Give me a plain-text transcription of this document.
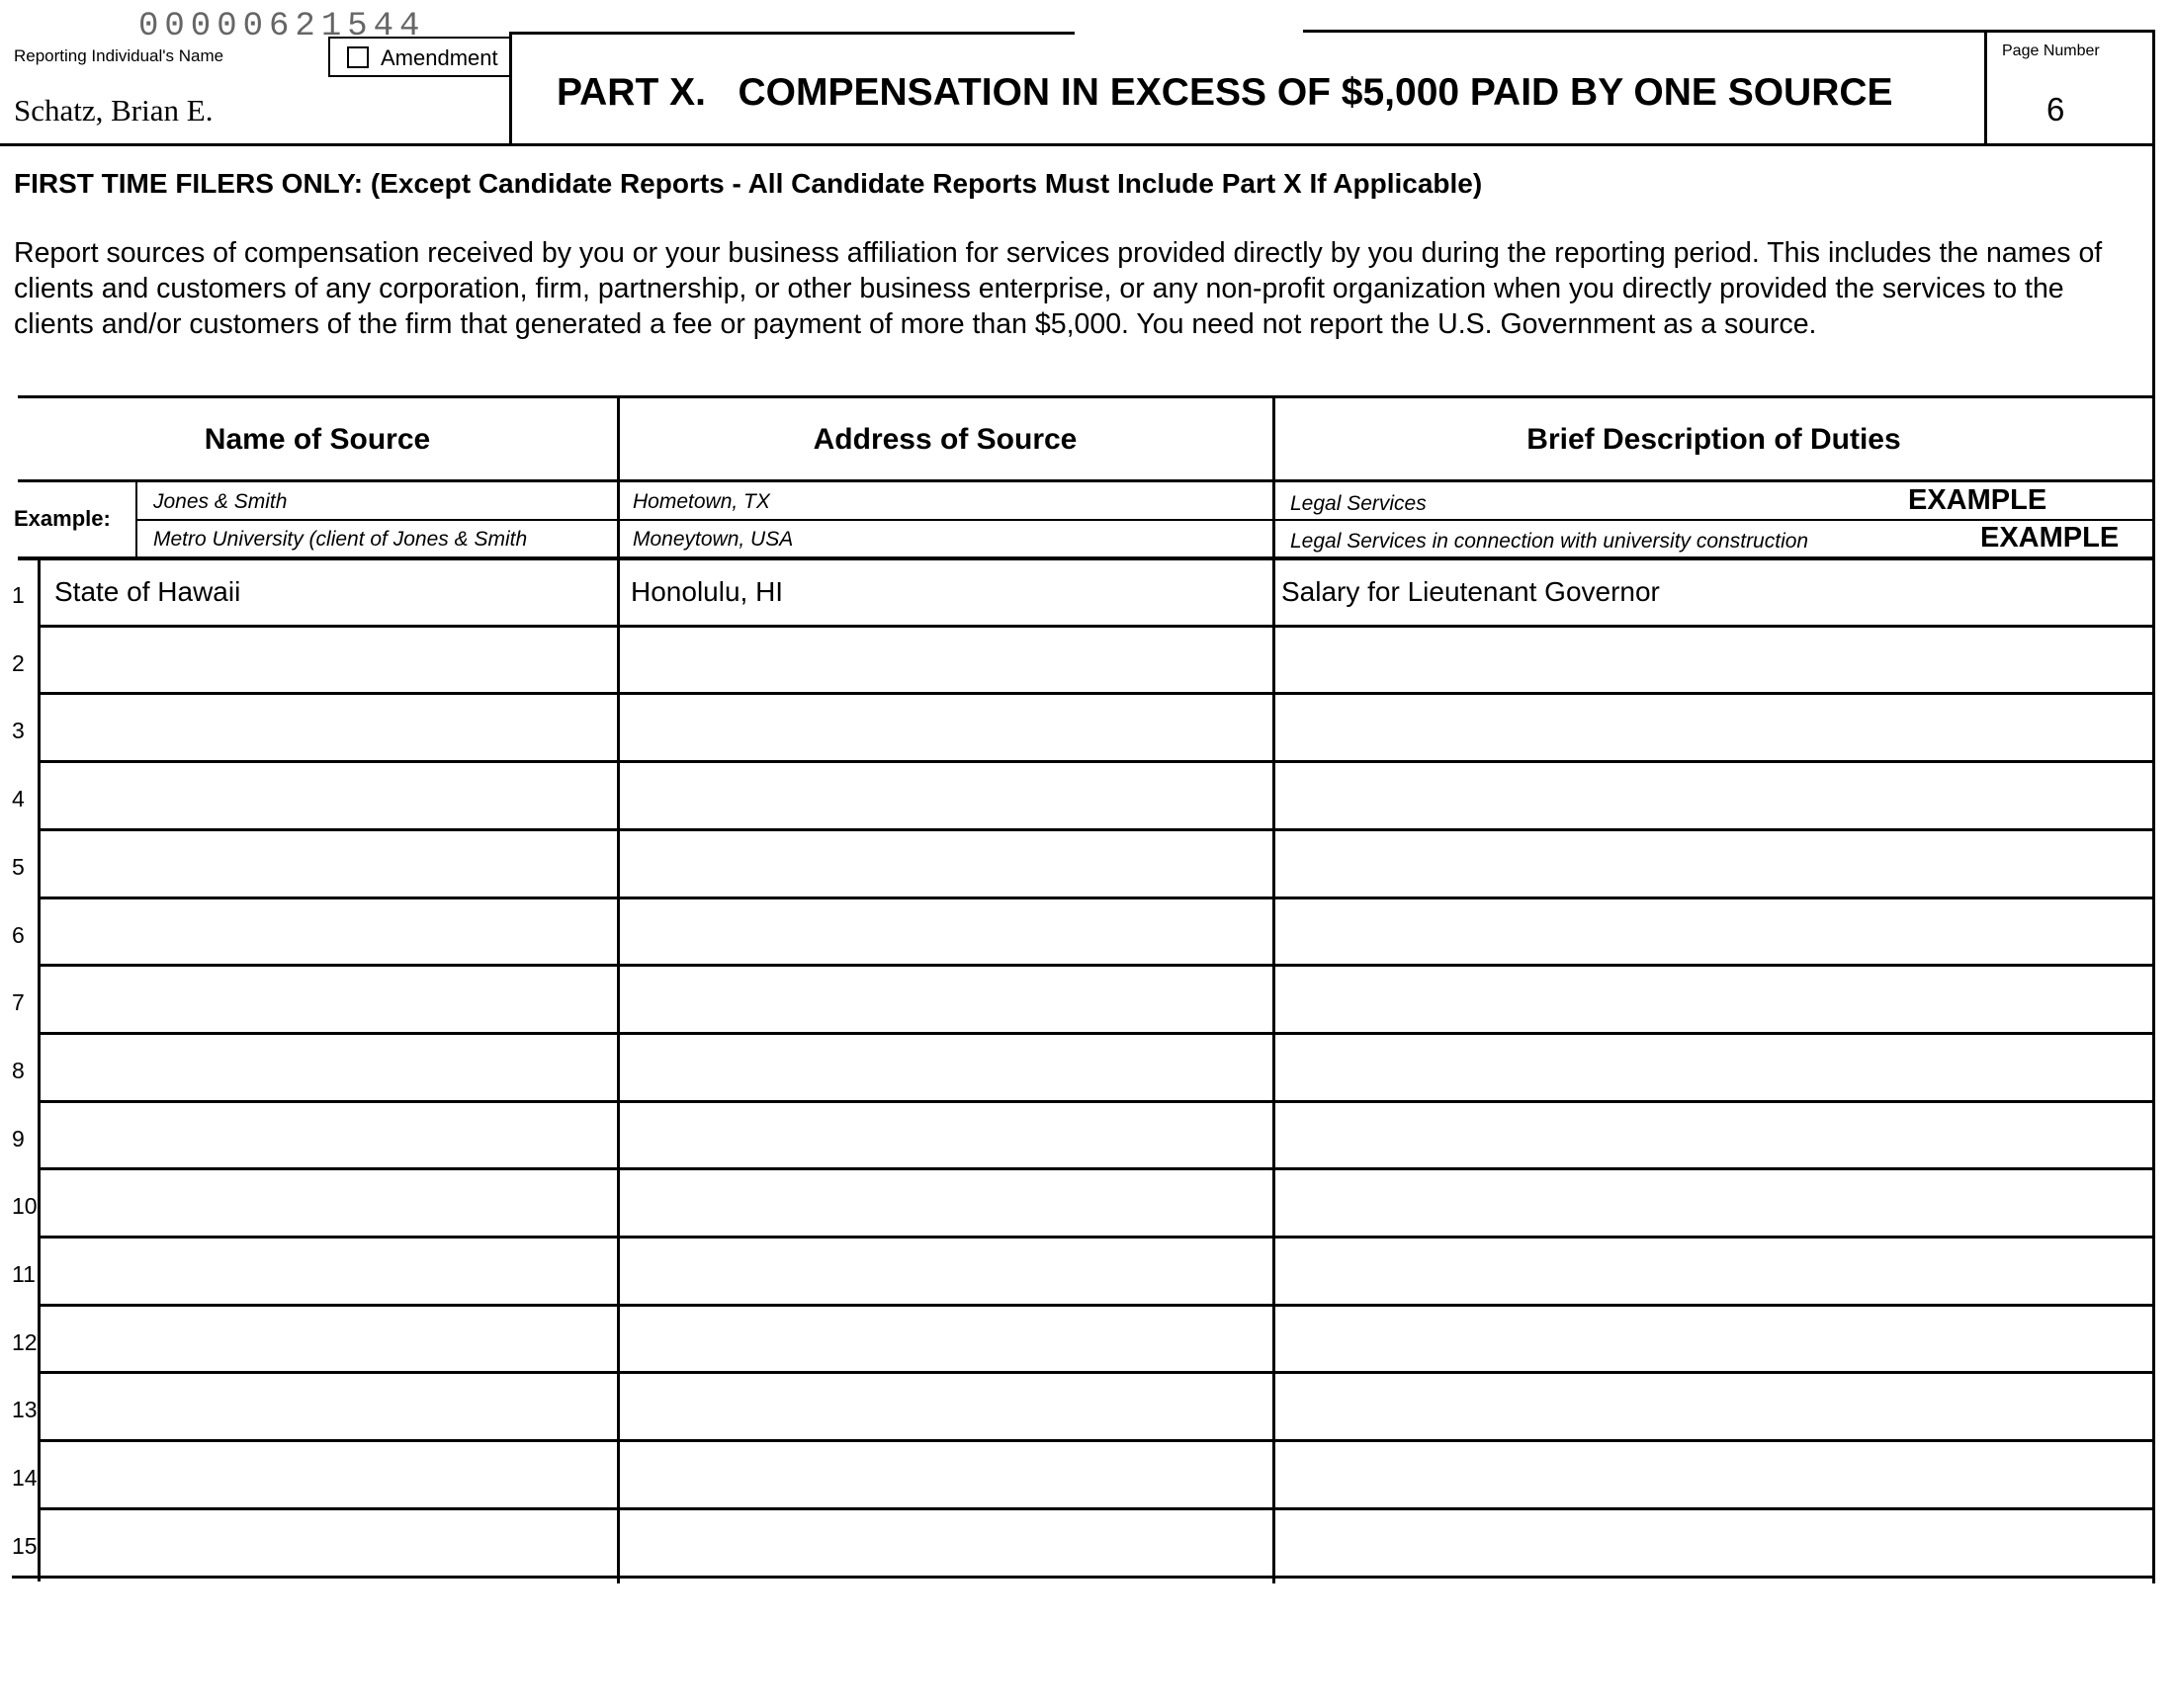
00000621544
Reporting Individual's Name	Amendment
Schatz, Brian E.	PART X.   COMPENSATION IN EXCESS OF $5,000 PAID BY ONE SOURCE
Page Number
6
FIRST TIME FILERS ONLY: (Except Candidate Reports - All Candidate Reports Must Include Part X If Applicable)
Report sources of compensation received by you or your business affiliation for services provided directly by you during the reporting period. This includes the names of clients and customers of any corporation, firm, partnership, or other business enterprise, or any non-profit organization when you directly provided the services to the clients and/or customers of the firm that generated a fee or payment of more than $5,000. You need not report the U.S. Government as a source.
Name of Source	Address of Source	Brief Description of Duties
Example:
Jones & Smith	Hometown, TX	Legal Services	EXAMPLE
Metro University (client of Jones & Smith	Moneytown, USA	Legal Services in connection with university construction	EXAMPLE
1 State of Hawaii	Honolulu, HI	Salary for Lieutenant Governor
2
3
4
5
6
7
8
9
10
11
12
13
14
15
